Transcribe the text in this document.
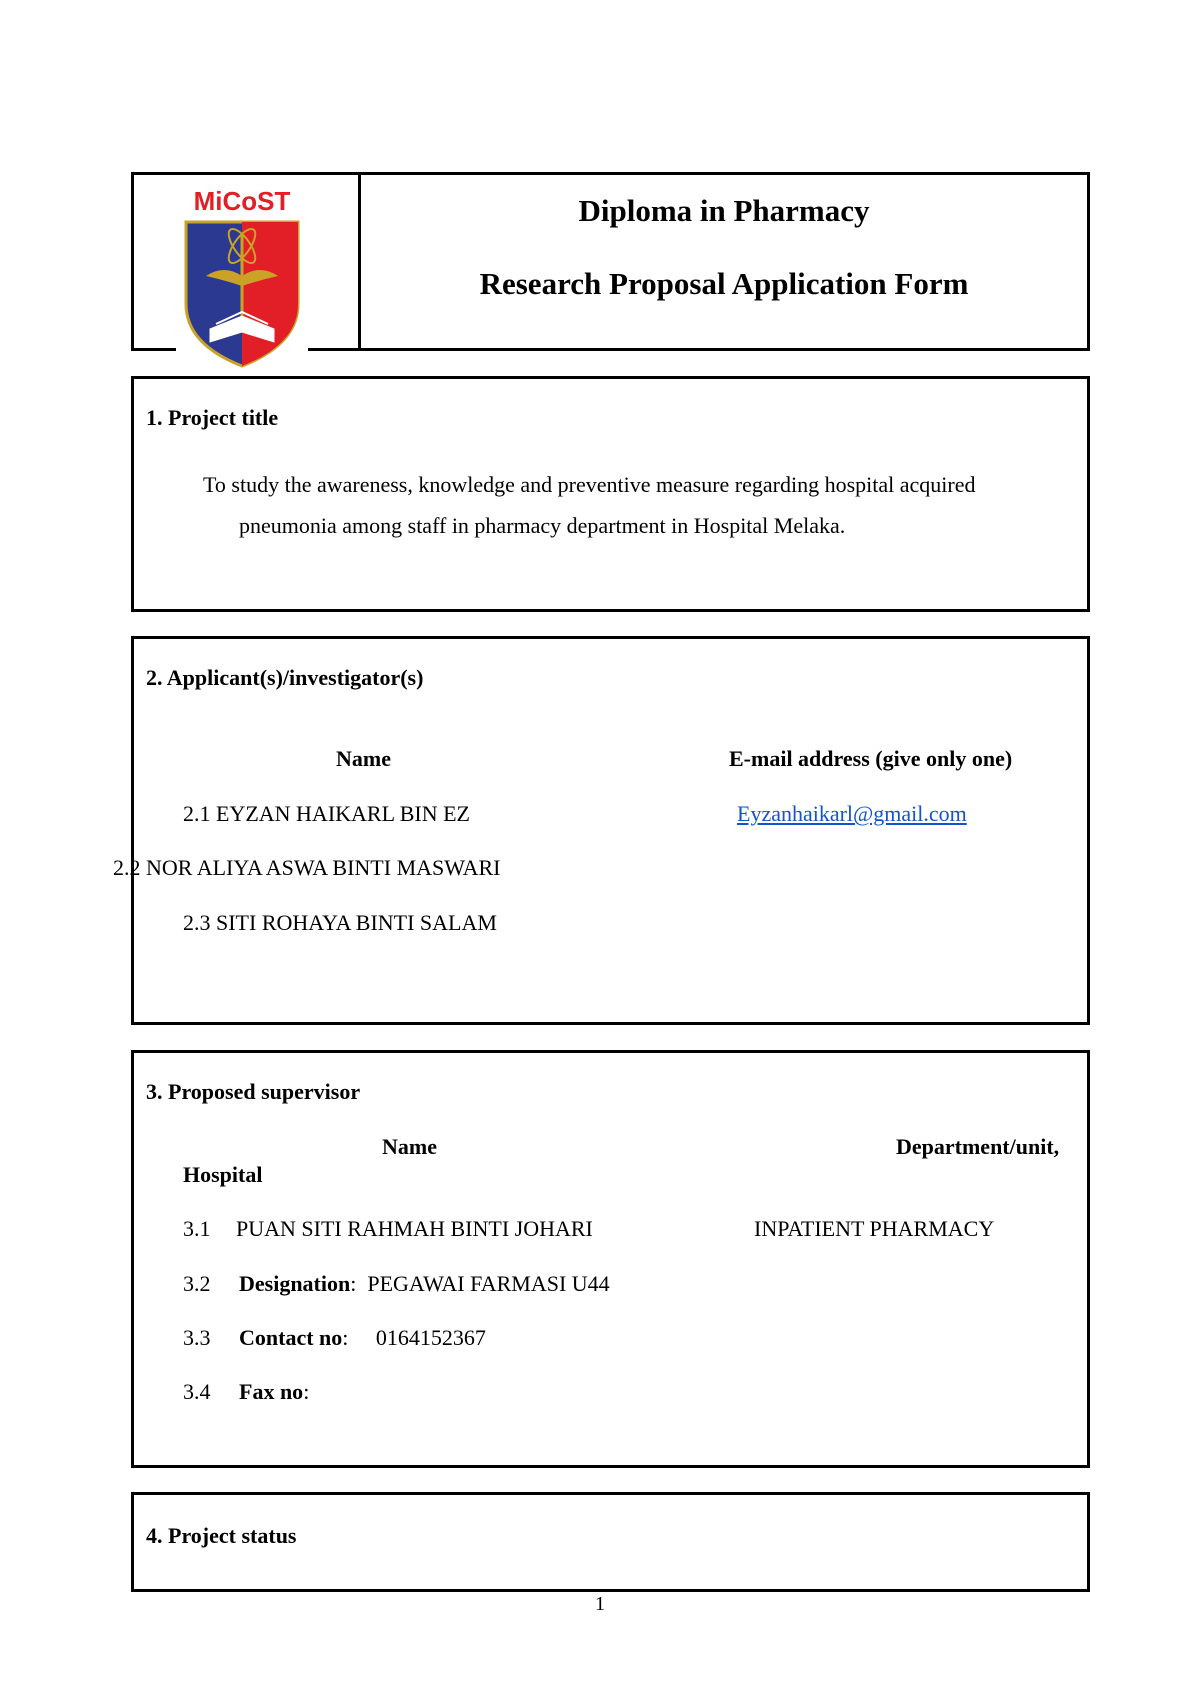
Diploma in Pharmacy
Research Proposal Application Form
MiCoST
1. Project title
To study the awareness, knowledge and preventive measure regarding hospital acquired
pneumonia among staff in pharmacy department in Hospital Melaka.
2. Applicant(s)/investigator(s)
Name	E-mail address (give only one)
2.1 EYZAN HAIKARL BIN EZ	Eyzanhaikarl@gmail.com
2.2 NOR ALIYA ASWA BINTI MASWARI
2.3 SITI ROHAYA BINTI SALAM
3. Proposed supervisor
Name	Department/unit,
Hospital
3.1 PUAN SITI RAHMAH BINTI JOHARI	INPATIENT PHARMACY
3.2 Designation:  PEGAWAI FARMASI U44
3.3 Contact no:     0164152367
3.4 Fax no:
4. Project status
1
